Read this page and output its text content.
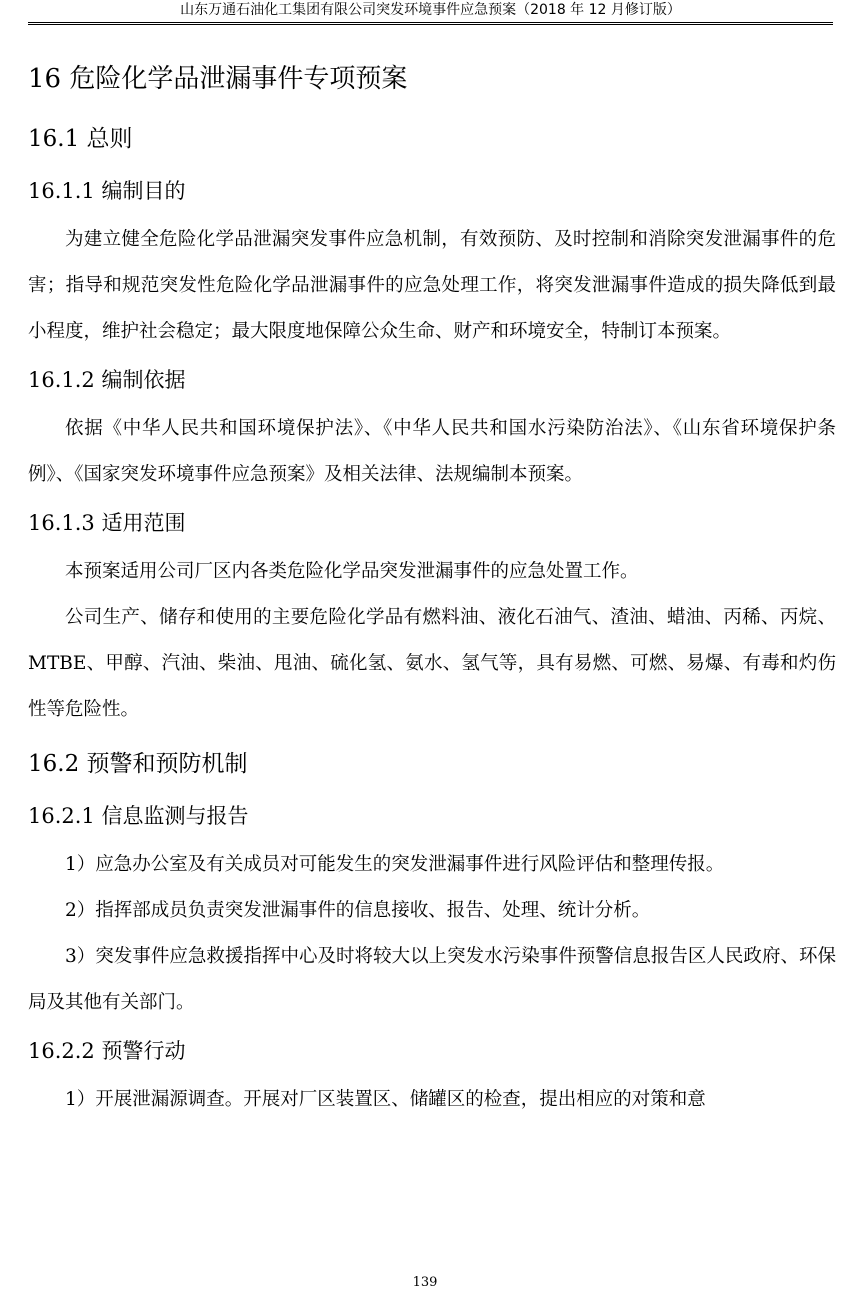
山东万通石油化工集团有限公司突发环境事件应急预案（2018 年 12 月修订版）
16 危险化学品泄漏事件专项预案
16.1 总则
16.1.1 编制目的

为建立健全危险化学品泄漏突发事件应急机制，有效预防、及时控制和消除突发泄漏事件的危害；指导和规范突发性危险化学品泄漏事件的应急处理工作，将突发泄漏事件造成的损失降低到最小程度，维护社会稳定；最大限度地保障公众生命、财产和环境安全，特制订本预案。

16.1.2 编制依据

依据《中华人民共和国环境保护法》、《中华人民共和国水污染防治法》、《山东省环境保护条例》、《国家突发环境事件应急预案》及相关法律、法规编制本预案。

16.1.3 适用范围

本预案适用公司厂区内各类危险化学品突发泄漏事件的应急处置工作。

公司生产、储存和使用的主要危险化学品有燃料油、液化石油气、渣油、蜡油、丙稀、丙烷、MTBE、甲醇、汽油、柴油、甩油、硫化氢、氨水、氢气等，具有易燃、可燃、易爆、有毒和灼伤性等危险性。

16.2 预警和预防机制
16.2.1 信息监测与报告

1）应急办公室及有关成员对可能发生的突发泄漏事件进行风险评估和整理传报。

2）指挥部成员负责突发泄漏事件的信息接收、报告、处理、统计分析。

3）突发事件应急救援指挥中心及时将较大以上突发水污染事件预警信息报告区人民政府、环保局及其他有关部门。

16.2.2 预警行动

1）开展泄漏源调查。开展对厂区装置区、储罐区的检查，提出相应的对策和意

139
